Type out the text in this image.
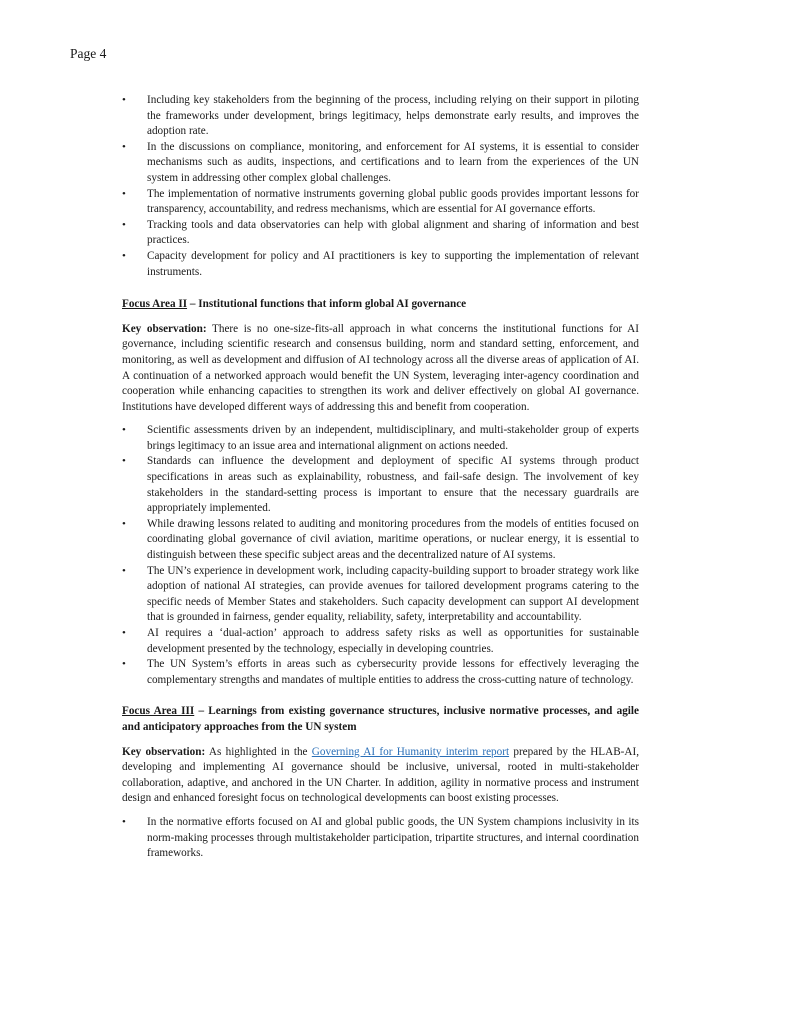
Page 4
• Including key stakeholders from the beginning of the process, including relying on their support in piloting the frameworks under development, brings legitimacy, helps demonstrate early results, and improves the adoption rate.
• In the discussions on compliance, monitoring, and enforcement for AI systems, it is essential to consider mechanisms such as audits, inspections, and certifications and to learn from the experiences of the UN system in addressing other complex global challenges.
• The implementation of normative instruments governing global public goods provides important lessons for transparency, accountability, and redress mechanisms, which are essential for AI governance efforts.
• Tracking tools and data observatories can help with global alignment and sharing of information and best practices.
• Capacity development for policy and AI practitioners is key to supporting the implementation of relevant instruments.

Focus Area II – Institutional functions that inform global AI governance

Key observation: There is no one-size-fits-all approach in what concerns the institutional functions for AI governance, including scientific research and consensus building, norm and standard setting, enforcement, and monitoring, as well as development and diffusion of AI technology across all the diverse areas of application of AI. A continuation of a networked approach would benefit the UN System, leveraging inter-agency coordination and cooperation while enhancing capacities to strengthen its work and deliver effectively on global AI governance. Institutions have developed different ways of addressing this and benefit from cooperation.

• Scientific assessments driven by an independent, multidisciplinary, and multi-stakeholder group of experts brings legitimacy to an issue area and international alignment on actions needed.
• Standards can influence the development and deployment of specific AI systems through product specifications in areas such as explainability, robustness, and fail-safe design. The involvement of key stakeholders in the standard-setting process is important to ensure that the necessary guardrails are appropriately implemented.
• While drawing lessons related to auditing and monitoring procedures from the models of entities focused on coordinating global governance of civil aviation, maritime operations, or nuclear energy, it is essential to distinguish between these specific subject areas and the decentralized nature of AI systems.
• The UN’s experience in development work, including capacity-building support to broader strategy work like adoption of national AI strategies, can provide avenues for tailored development programs catering to the specific needs of Member States and stakeholders. Such capacity development can support AI development that is grounded in fairness, gender equality, reliability, safety, interpretability and accountability.
• AI requires a ‘dual-action’ approach to address safety risks as well as opportunities for sustainable development presented by the technology, especially in developing countries.
• The UN System’s efforts in areas such as cybersecurity provide lessons for effectively leveraging the complementary strengths and mandates of multiple entities to address the cross-cutting nature of technology.

Focus Area III – Learnings from existing governance structures, inclusive normative processes, and agile and anticipatory approaches from the UN system

Key observation: As highlighted in the Governing AI for Humanity interim report prepared by the HLAB-AI, developing and implementing AI governance should be inclusive, universal, rooted in multi-stakeholder collaboration, adaptive, and anchored in the UN Charter. In addition, agility in normative process and instrument design and enhanced foresight focus on technological developments can boost existing processes.

• In the normative efforts focused on AI and global public goods, the UN System champions inclusivity in its norm-making processes through multistakeholder participation, tripartite structures, and internal coordination frameworks.
